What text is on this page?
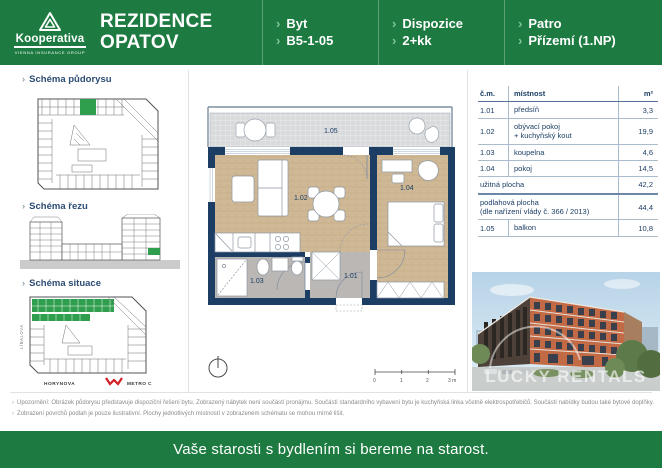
Kooperativa
VIENNA INSURANCE GROUP
REZIDENCE
OPATOV
› Byt
› B5-1-05
› Dispozice
› 2+kk
› Patro
› Přízemí (1.NP)
› Schéma půdorysu
› Schéma řezu
› Schéma situace
LÍBALOVA
HORYNOVA	METRO C
1.05
1.02
1.04
1.03
1.01
0	1	2	3 m
č.m.	místnost	m²
1.01	předsíň	3,3
1.02
obývací pokoj
+ kuchyňský kout	19,9
1.03	koupelna	4,6
1.04	pokoj	14,5
užitná plocha	42,2
podlahová plocha
(dle nařízení vlády č. 366 / 2013)	44,4
1.05	balkon	10,8
LUCKY RENTALS
› Upozornění: Obrázek půdorysu představuje dispoziční řešení bytu. Zobrazený nábytek není součástí pronájmu. Součástí standardního vybavení bytu je kuchyňská linka včetně elektrospotřebičů. Součástí nabídky budou také bytové doplňky.
› Zobrazení povrchů podlah je pouze ilustrativní. Plochy jednotlivých místností v zobrazeném schématu se mohou mírně lišit.
Vaše starosti s bydlením si bereme na starost.
